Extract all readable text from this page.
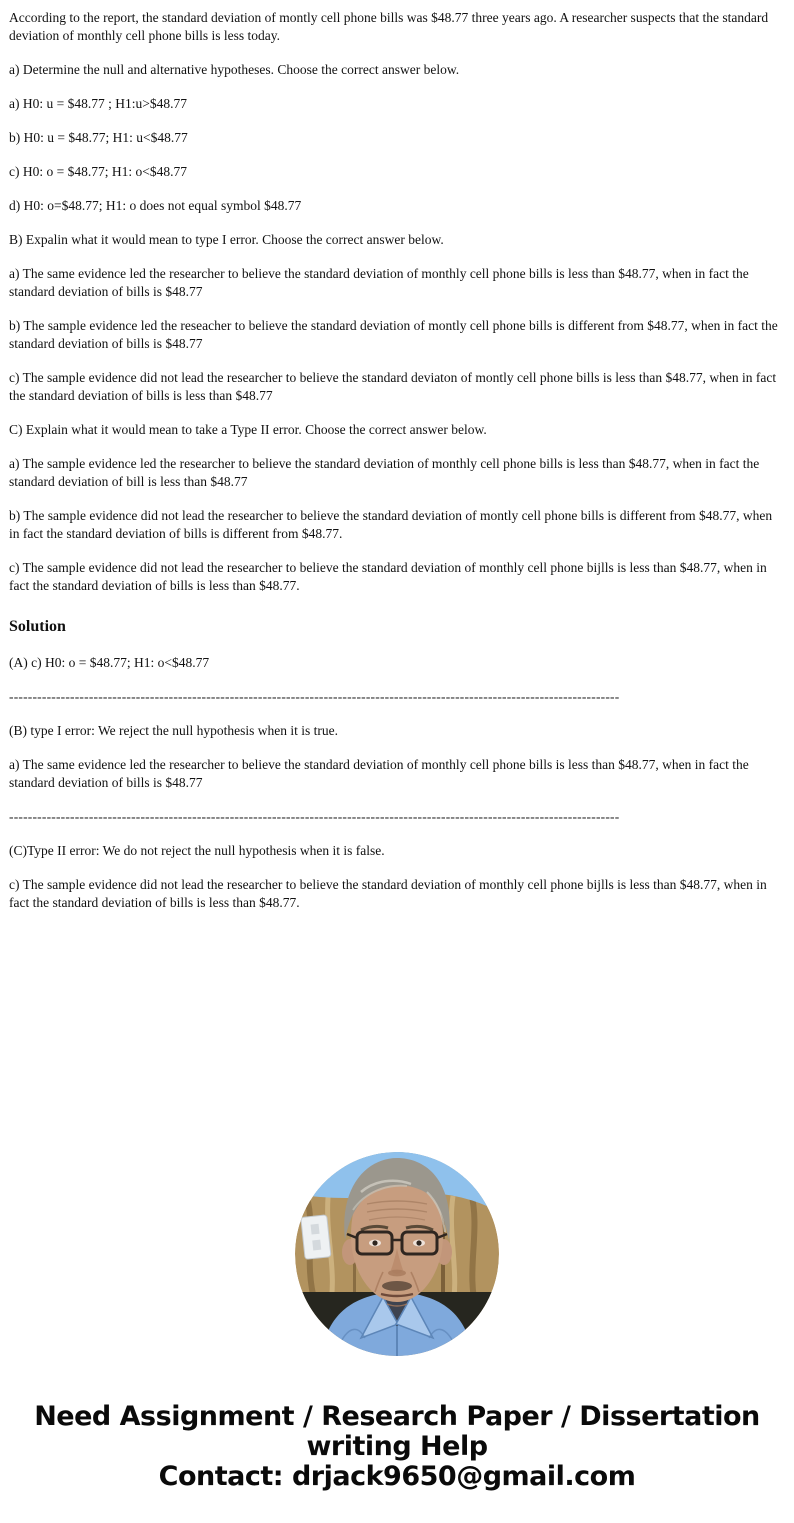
According to the report, the standard deviation of montly cell phone bills was $48.77 three years ago. A researcher suspects that the standard deviation of monthly cell phone bills is less today.

a) Determine the null and alternative hypotheses. Choose the correct answer below.

a) H0: u = $48.77 ; H1:u>$48.77

b) H0: u = $48.77; H1: u<$48.77

c) H0: o = $48.77; H1: o<$48.77

d) H0: o=$48.77; H1: o does not equal symbol $48.77

B) Expalin what it would mean to type I error. Choose the correct answer below.

a) The same evidence led the researcher to believe the standard deviation of monthly cell phone bills is less than $48.77, when in fact the standard deviation of bills is $48.77

b) The sample evidence led the reseacher to believe the standard deviation of montly cell phone bills is different from $48.77, when in fact the standard deviation of bills is $48.77

c) The sample evidence did not lead the researcher to believe the standard deviaton of montly cell phone bills is less than $48.77, when in fact the standard deviation of bills is less than $48.77

C) Explain what it would mean to take a Type II error. Choose the correct answer below.

a) The sample evidence led the researcher to believe the standard deviation of monthly cell phone bills is less than $48.77, when in fact the standard deviation of bill is less than $48.77

b) The sample evidence did not lead the researcher to believe the standard deviation of montly cell phone bills is different from $48.77, when in fact the standard deviation of bills is different from $48.77.

c) The sample evidence did not lead the researcher to believe the standard deviation of monthly cell phone bijlls is less than $48.77, when in fact the standard deviation of bills is less than $48.77.

Solution

(A) c) H0: o = $48.77; H1: o<$48.77

----------------------------------------------------------------------------------------------------------------------------------

(B) type I error: We reject the null hypothesis when it is true.

a) The same evidence led the researcher to believe the standard deviation of monthly cell phone bills is less than $48.77, when in fact the standard deviation of bills is $48.77

----------------------------------------------------------------------------------------------------------------------------------

(C)Type II error: We do not reject the null hypothesis when it is false.

c) The sample evidence did not lead the researcher to believe the standard deviation of monthly cell phone bijlls is less than $48.77, when in fact the standard deviation of bills is less than $48.77.

Need Assignment / Research Paper / Dissertation
writing Help
Contact: drjack9650@gmail.com
